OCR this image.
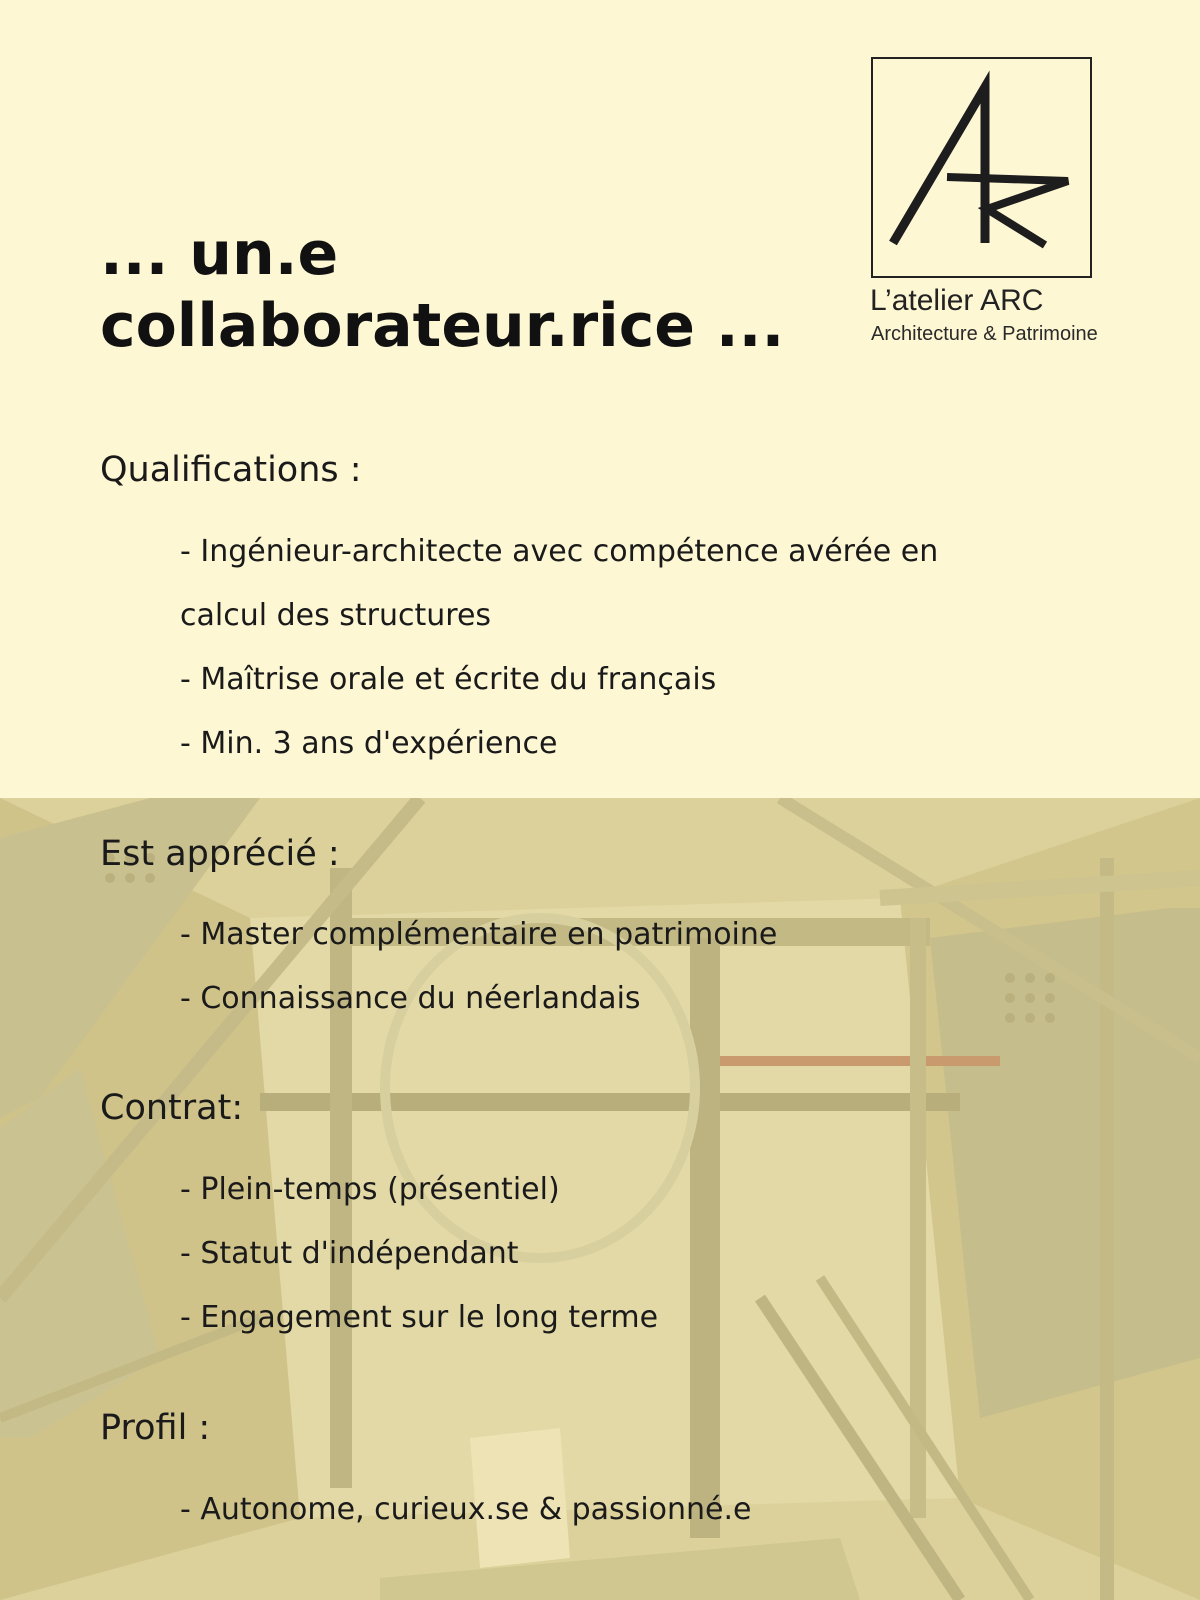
... un.e
collaborateur.rice ...	L’atelier ARC
Architecture & Patrimoine
Qualifications :
- Ingénieur-architecte avec compétence avérée en
calcul des structures
- Maîtrise orale et écrite du français
- Min. 3 ans d'expérience
Est apprécié :
- Master complémentaire en patrimoine
- Connaissance du néerlandais
Contrat:
- Plein-temps (présentiel)
- Statut d'indépendant
- Engagement sur le long terme
Profil :
- Autonome, curieux.se & passionné.e
